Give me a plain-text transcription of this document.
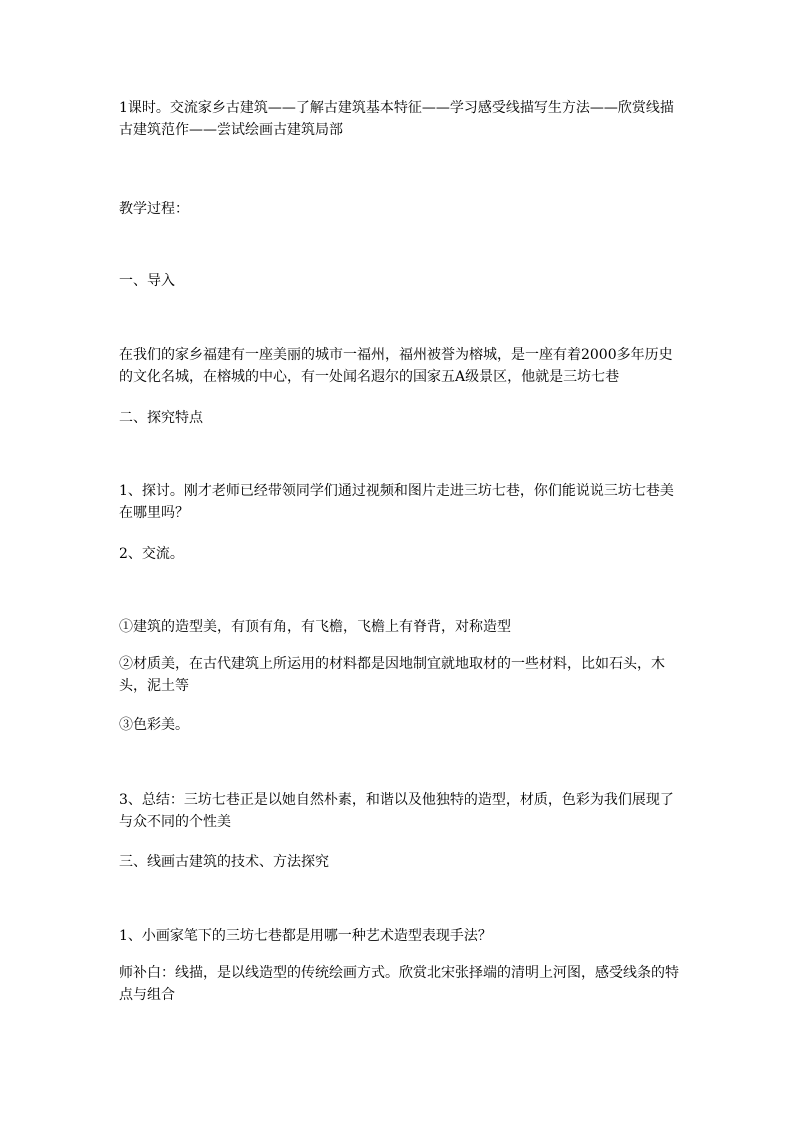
1课时。交流家乡古建筑——了解古建筑基本特征——学习感受线描写生方法——欣赏线描古建筑范作——尝试绘画古建筑局部

教学过程：

一、导入

在我们的家乡福建有一座美丽的城市一福州，福州被誉为榕城，是一座有着2000多年历史的文化名城，在榕城的中心，有一处闻名遐尔的国家五A级景区，他就是三坊七巷

二、探究特点

1、探讨。刚才老师已经带领同学们通过视频和图片走进三坊七巷，你们能说说三坊七巷美在哪里吗？

2、交流。

①建筑的造型美，有顶有角，有飞檐，飞檐上有脊背，对称造型

②材质美，在古代建筑上所运用的材料都是因地制宜就地取材的一些材料，比如石头，木头，泥土等

③色彩美。

3、总结：三坊七巷正是以她自然朴素，和谐以及他独特的造型，材质，色彩为我们展现了与众不同的个性美

三、线画古建筑的技术、方法探究

1、小画家笔下的三坊七巷都是用哪一种艺术造型表现手法？

师补白：线描，是以线造型的传统绘画方式。欣赏北宋张择端的清明上河图，感受线条的特点与组合
